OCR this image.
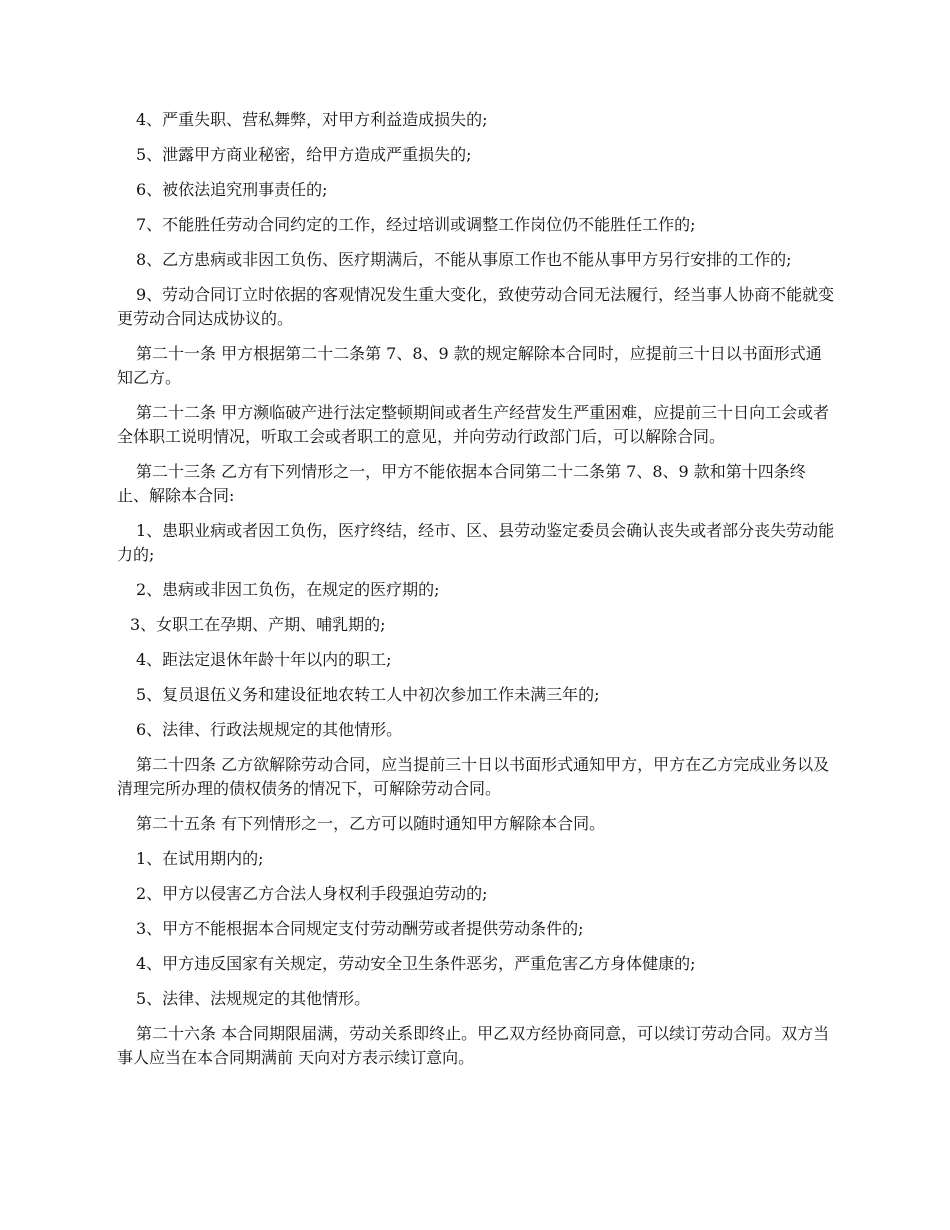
4、严重失职、营私舞弊，对甲方利益造成损失的;

5、泄露甲方商业秘密，给甲方造成严重损失的;

6、被依法追究刑事责任的;

7、不能胜任劳动合同约定的工作，经过培训或调整工作岗位仍不能胜任工作的;

8、乙方患病或非因工负伤、医疗期满后，不能从事原工作也不能从事甲方另行安排的工作的;

9、劳动合同订立时依据的客观情况发生重大变化，致使劳动合同无法履行，经当事人协商不能就变更劳动合同达成协议的。

第二十一条 甲方根据第二十二条第 7、8、9 款的规定解除本合同时，应提前三十日以书面形式通知乙方。

第二十二条 甲方濒临破产进行法定整顿期间或者生产经营发生严重困难，应提前三十日向工会或者全体职工说明情况，听取工会或者职工的意见，并向劳动行政部门后，可以解除合同。

第二十三条 乙方有下列情形之一，甲方不能依据本合同第二十二条第 7、8、9 款和第十四条终止、解除本合同:

1、患职业病或者因工负伤，医疗终结，经市、区、县劳动鉴定委员会确认丧失或者部分丧失劳动能力的;

2、患病或非因工负伤，在规定的医疗期的;

3、女职工在孕期、产期、哺乳期的;

4、距法定退休年龄十年以内的职工;

5、复员退伍义务和建设征地农转工人中初次参加工作未满三年的;

6、法律、行政法规规定的其他情形。

第二十四条 乙方欲解除劳动合同，应当提前三十日以书面形式通知甲方，甲方在乙方完成业务以及清理完所办理的债权债务的情况下，可解除劳动合同。

第二十五条 有下列情形之一，乙方可以随时通知甲方解除本合同。

1、在试用期内的;

2、甲方以侵害乙方合法人身权利手段强迫劳动的;

3、甲方不能根据本合同规定支付劳动酬劳或者提供劳动条件的;

4、甲方违反国家有关规定，劳动安全卫生条件恶劣，严重危害乙方身体健康的;

5、法律、法规规定的其他情形。

第二十六条 本合同期限届满，劳动关系即终止。甲乙双方经协商同意，可以续订劳动合同。双方当事人应当在本合同期满前 天向对方表示续订意向。
